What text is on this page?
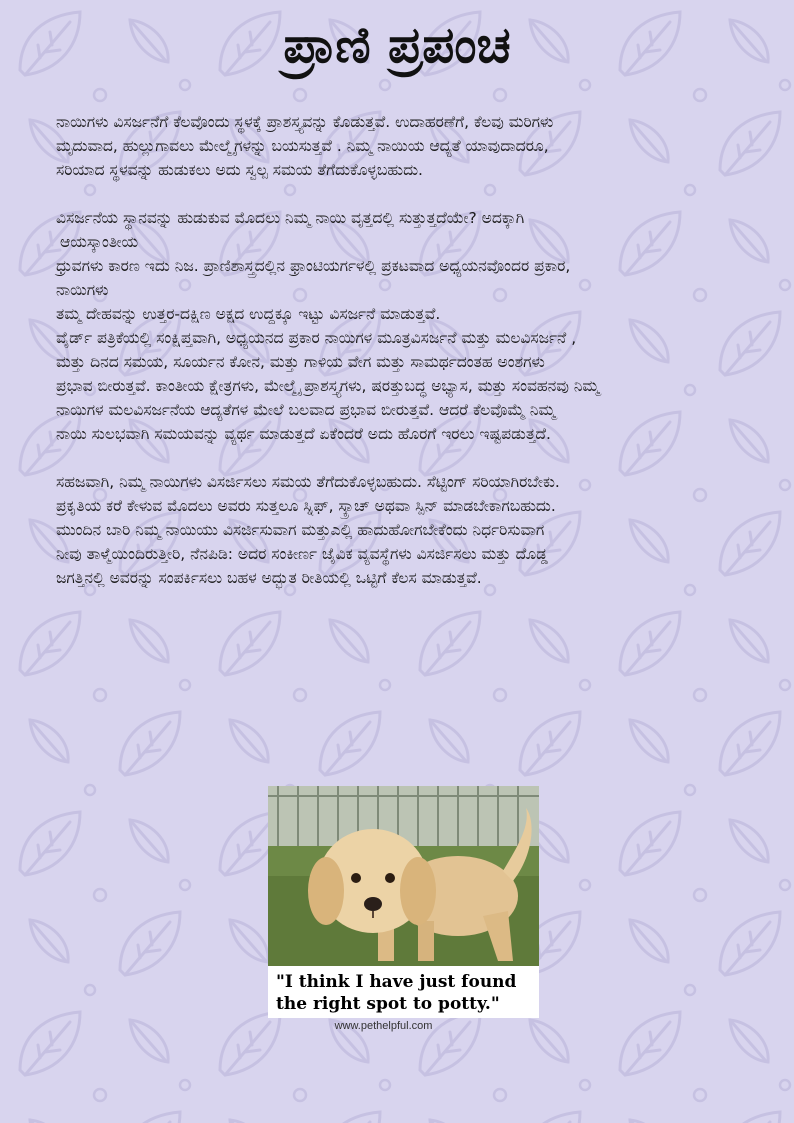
ಪ್ರಾಣಿ ಪ್ರಪಂಚ
ನಾಯಿಗಳು ವಿಸರ್ಜನೆಗೆ ಕೆಲವೊಂದು ಸ್ಥಳಕ್ಕೆ ಪ್ರಾಶಸ್ತ್ಯವನ್ನು ಕೊಡುತ್ತವೆ. ಉದಾಹರಣೆಗೆ, ಕೆಲವು ಮರಿಗಳು
ಮೃದುವಾದ, ಹುಲ್ಲುಗಾವಲು ಮೇಲ್ಮೈಗಳನ್ನು ಬಯಸುತ್ತವೆ . ನಿಮ್ಮ ನಾಯಿಯ ಆದ್ಯತೆ ಯಾವುದಾದರೂ,
ಸರಿಯಾದ ಸ್ಥಳವನ್ನು ಹುಡುಕಲು ಅದು ಸ್ವಲ್ಪ ಸಮಯ ತೆಗೆದುಕೊಳ್ಳಬಹುದು.
ವಿಸರ್ಜನೆಯ ಸ್ಥಾನವನ್ನು ಹುಡುಕುವ ಮೊದಲು ನಿಮ್ಮ ನಾಯಿ ವೃತ್ತದಲ್ಲಿ ಸುತ್ತುತ್ತದೆಯೇ? ಅದಕ್ಕಾಗಿ
ಆಯಸ್ಕಾಂತೀಯ
ಧ್ರುವಗಳು ಕಾರಣ ಇದು ನಿಜ. ಪ್ರಾಣಿಶಾಸ್ತ್ರದಲ್ಲಿನ ಫ್ರಾಂಟಿಯರ್ಗಳಲ್ಲಿ ಪ್ರಕಟವಾದ ಅಧ್ಯಯನವೊಂದರ ಪ್ರಕಾರ,
ನಾಯಿಗಳು
ತಮ್ಮ ದೇಹವನ್ನು ಉತ್ತರ-ದಕ್ಷಿಣ ಅಕ್ಷದ ಉದ್ದಕ್ಕೂ ಇಟ್ಟು ವಿಸರ್ಜನೆ ಮಾಡುತ್ತವೆ.
ವೈರ್ಡ್ ಪತ್ರಿಕೆಯಲ್ಲಿ ಸಂಕ್ಷಿಪ್ತವಾಗಿ, ಅಧ್ಯಯನದ ಪ್ರಕಾರ ನಾಯಿಗಳ ಮೂತ್ರವಿಸರ್ಜನೆ ಮತ್ತು ಮಲವಿಸರ್ಜನೆ ,
ಮತ್ತು ದಿನದ ಸಮಯ, ಸೂರ್ಯನ ಕೋನ, ಮತ್ತು ಗಾಳಿಯ ವೇಗ ಮತ್ತು ಸಾಮರ್ಥದಂತಹ ಅಂಶಗಳು
ಪ್ರಭಾವ ಬೀರುತ್ತವೆ. ಕಾಂತೀಯ ಕ್ಷೇತ್ರಗಳು, ಮೇಲ್ಮೈ ಪ್ರಾಶಸ್ತ್ಯಗಳು, ಷರತ್ತುಬದ್ಧ ಅಭ್ಯಾಸ, ಮತ್ತು ಸಂವಹನವು ನಿಮ್ಮ
ನಾಯಿಗಳ ಮಲವಿಸರ್ಜನೆಯ ಆದ್ಯತೆಗಳ ಮೇಲೆ ಬಲವಾದ ಪ್ರಭಾವ ಬೀರುತ್ತವೆ. ಆದರೆ ಕೆಲವೊಮ್ಮೆ ನಿಮ್ಮ
ನಾಯಿ ಸುಲಭವಾಗಿ ಸಮಯವನ್ನು ವ್ಯರ್ಥ ಮಾಡುತ್ತದೆ ಏಕೆಂದರೆ ಅದು ಹೊರಗೆ ಇರಲು ಇಷ್ಟಪಡುತ್ತದೆ.
ಸಹಜವಾಗಿ, ನಿಮ್ಮ ನಾಯಿಗಳು ವಿಸರ್ಜಿಸಲು ಸಮಯ ತೆಗೆದುಕೊಳ್ಳಬಹುದು. ಸೆಟ್ಟಿಂಗ್ ಸರಿಯಾಗಿರಬೇಕು.
ಪ್ರಕೃತಿಯ ಕರೆ ಕೇಳುವ ಮೊದಲು ಅವರು ಸುತ್ತಲೂ ಸ್ನಿಫ್, ಸ್ಕ್ರಾಚ್ ಅಥವಾ ಸ್ಪಿನ್ ಮಾಡಬೇಕಾಗಬಹುದು.
ಮುಂದಿನ ಬಾರಿ ನಿಮ್ಮ ನಾಯಿಯು ವಿಸರ್ಜಿಸುವಾಗ ಮತ್ತುಎಲ್ಲಿ ಹಾದುಹೋಗಬೇಕೆಂದು ನಿರ್ಧರಿಸುವಾಗ
ನೀವು ತಾಳ್ಮೆಯಿಂದಿರುತ್ತೀರಿ, ನೆನಪಿಡಿ: ಅದರ ಸಂಕೀರ್ಣ ಜೈವಿಕ ವ್ಯವಸ್ಥೆಗಳು ವಿಸರ್ಜಿಸಲು ಮತ್ತು ದೊಡ್ಡ
ಜಗತ್ತಿನಲ್ಲಿ ಅವರನ್ನು ಸಂಪರ್ಕಿಸಲು ಬಹಳ ಅದ್ಭುತ ರೀತಿಯಲ್ಲಿ ಒಟ್ಟಿಗೆ ಕೆಲಸ ಮಾಡುತ್ತವೆ.
"I think I have just found
the right spot to potty."
www.pethelpful.com
